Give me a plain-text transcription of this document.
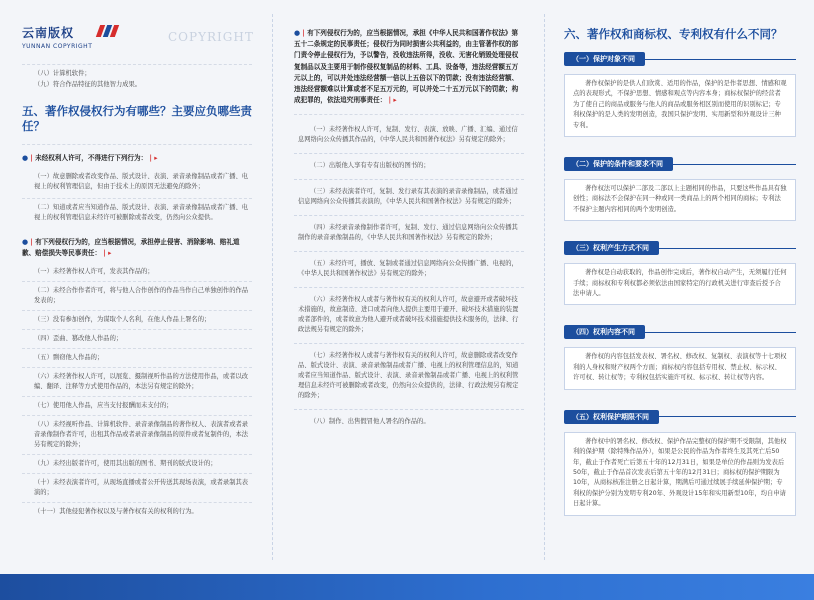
云南版权
YUNNAN COPYRIGHT
COPYRIGHT
（八）计算机软件；
（九）符合作品特征的其他智力成果。
五、著作权侵权行为有哪些？主要应负哪些责任？
● | 未经权利人许可，不得进行下列行为： | ▸
（一）故意删除或者改变作品、版式设计、表演、录音录像制品或者广播、电视上的权利管理信息，但由于技术上的原因无法避免的除外；
（二）知道或者应当知道作品、版式设计、表演、录音录像制品或者广播、电视上的权利管理信息未经许可被删除或者改变，仍然向公众提供。
● | 有下列侵权行为的，应当根据情况，承担停止侵害、消除影响、赔礼道歉、赔偿损失等民事责任： | ▸
（一）未经著作权人许可，发表其作品的；
（二）未经合作作者许可，将与他人合作创作的作品当作自己单独创作的作品发表的；
（三）没有参加创作，为谋取个人名利，在他人作品上署名的；
（四）歪曲、篡改他人作品的；
（五）剽窃他人作品的；
（六）未经著作权人许可，以展览、摄制视听作品的方法使用作品，或者以改编、翻译、注释等方式使用作品的，本法另有规定的除外；
（七）使用他人作品，应当支付报酬而未支付的；
（八）未经视听作品、计算机软件、录音录像制品的著作权人、表演者或者录音录像制作者许可，出租其作品或者录音录像制品的原件或者复制件的，本法另有规定的除外；
（九）未经出版者许可，使用其出版的图书、期刊的版式设计的；
（十）未经表演者许可，从现场直播或者公开传送其现场表演，或者录制其表演的；
（十一）其他侵犯著作权以及与著作权有关的权利的行为。
● | 有下列侵权行为的，应当根据情况，承担《中华人民共和国著作权法》第五十二条规定的民事责任；侵权行为同时损害公共利益的，由主管著作权的部门责令停止侵权行为，予以警告，没收违法所得，没收、无害化销毁处理侵权复制品以及主要用于制作侵权复制品的材料、工具、设备等，违法经营额五万元以上的，可以并处违法经营额一倍以上五倍以下的罚款；没有违法经营额、违法经营额难以计算或者不足五万元的，可以并处二十五万元以下的罚款；构成犯罪的，依法追究刑事责任： | ▸
（一）未经著作权人许可，复制、发行、表演、放映、广播、汇编、通过信息网络向公众传播其作品的，《中华人民共和国著作权法》另有规定的除外；
（二）出版他人享有专有出版权的图书的；
（三）未经表演者许可，复制、发行录有其表演的录音录像制品，或者通过信息网络向公众传播其表演的，《中华人民共和国著作权法》另有规定的除外；
（四）未经录音录像制作者许可，复制、发行、通过信息网络向公众传播其制作的录音录像制品的，《中华人民共和国著作权法》另有规定的除外；
（五）未经许可，播放、复制或者通过信息网络向公众传播广播、电视的，《中华人民共和国著作权法》另有规定的除外；
（六）未经著作权人或者与著作权有关的权利人许可，故意避开或者破坏技术措施的，故意制造、进口或者向他人提供主要用于避开、破坏技术措施的装置或者部件的，或者故意为他人避开或者破坏技术措施提供技术服务的，法律、行政法规另有规定的除外；
（七）未经著作权人或者与著作权有关的权利人许可，故意删除或者改变作品、版式设计、表演、录音录像制品或者广播、电视上的权利管理信息的，知道或者应当知道作品、版式设计、表演、录音录像制品或者广播、电视上的权利管理信息未经许可被删除或者改变，仍然向公众提供的，法律、行政法规另有规定的除外；
（八）制作、出售假冒他人署名的作品的。
六、著作权和商标权、专利权有什么不同？
（一）保护对象不同

著作权保护的是供人们欣赏、适用的作品，保护的是作者思想、情感和观点的表现形式，不保护思想、情感和观点等内容本身；商标权保护的经营者为了使自己的商品或服务与他人的商品或服务相区别而使用的识别标记；专利权保护的是人类的发明创造，我国只保护发明、实用新型和外观设计三种专利。

（二）保护的条件和要求不同

著作权法可以保护二部及二部以上主题相同的作品，只要这些作品具有独创性；商标法不会保护在同一种或同一类商品上的两个相同的商标；专利法不保护主题内容相同的两个发明创造。

（三）权利产生方式不同

著作权是自动获取的，作品创作完成后，著作权自动产生，无须履行任何手续；商标权和专利权都必须依法由国家特定的行政机关进行审查后授予合法申请人。

（四）权利内容不同

著作权的内容包括发表权、署名权、修改权、复制权、表演权等十七项权利的人身权和财产权两个方面；商标权内容包括专用权、禁止权、标示权、许可权、转让权等；专利权包括实施许可权、标示权、转让权等内容。

（五）权利保护期限不同

著作权中的署名权、修改权、保护作品完整权的保护期不受限制，其他权利的保护期（除特殊作品外），如果是公民的作品为作者终生及其死亡后50年，截止于作者死亡后第五十年的12月31日，如果是单位的作品则为发表后50年，截止于作品首次发表后第五十年的12月31日；商标权的保护期限为10年，从商标核准注册之日起计算，期满后可通过续展手续延伸保护期；专利权的保护分别为发明专利20年、外观设计15年和实用新型10年，均自申请日起计算。
